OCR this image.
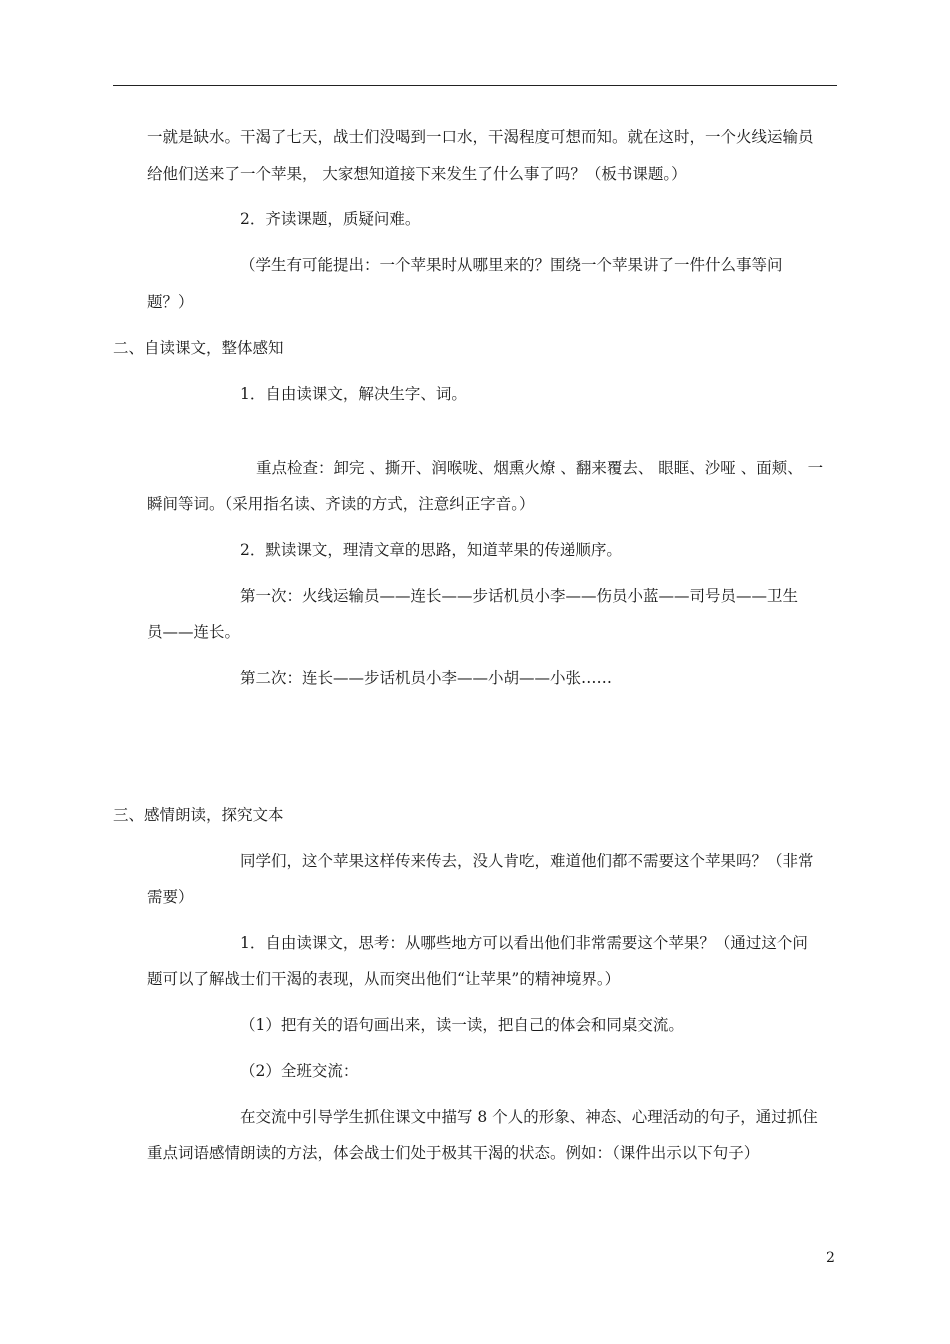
一就是缺水。干渴了七天，战士们没喝到一口水，干渴程度可想而知。就在这时，一个火线运输员
给他们送来了一个苹果， 大家想知道接下来发生了什么事了吗？（板书课题。）
2．齐读课题，质疑问难。
（学生有可能提出：一个苹果时从哪里来的？围绕一个苹果讲了一件什么事等问
题？）
二、自读课文，整体感知
1．自由读课文，解决生字、词。
重点检查：卸完 、撕开、润喉咙、烟熏火燎 、翻来覆去、 眼眶、沙哑 、面颊、 一
瞬间等词。（采用指名读、齐读的方式，注意纠正字音。）
2．默读课文，理清文章的思路，知道苹果的传递顺序。
第一次：火线运输员——连长——步话机员小李——伤员小蓝——司号员——卫生
员——连长。
第二次：连长——步话机员小李——小胡——小张……
三、感情朗读，探究文本
同学们，这个苹果这样传来传去，没人肯吃，难道他们都不需要这个苹果吗？（非常
需要）
1．自由读课文，思考：从哪些地方可以看出他们非常需要这个苹果？（通过这个问
题可以了解战士们干渴的表现，从而突出他们“让苹果”的精神境界。）
（1）把有关的语句画出来，读一读，把自己的体会和同桌交流。
（2）全班交流：
在交流中引导学生抓住课文中描写 8 个人的形象、神态、心理活动的句子，通过抓住
重点词语感情朗读的方法，体会战士们处于极其干渴的状态。例如：（课件出示以下句子）
2
